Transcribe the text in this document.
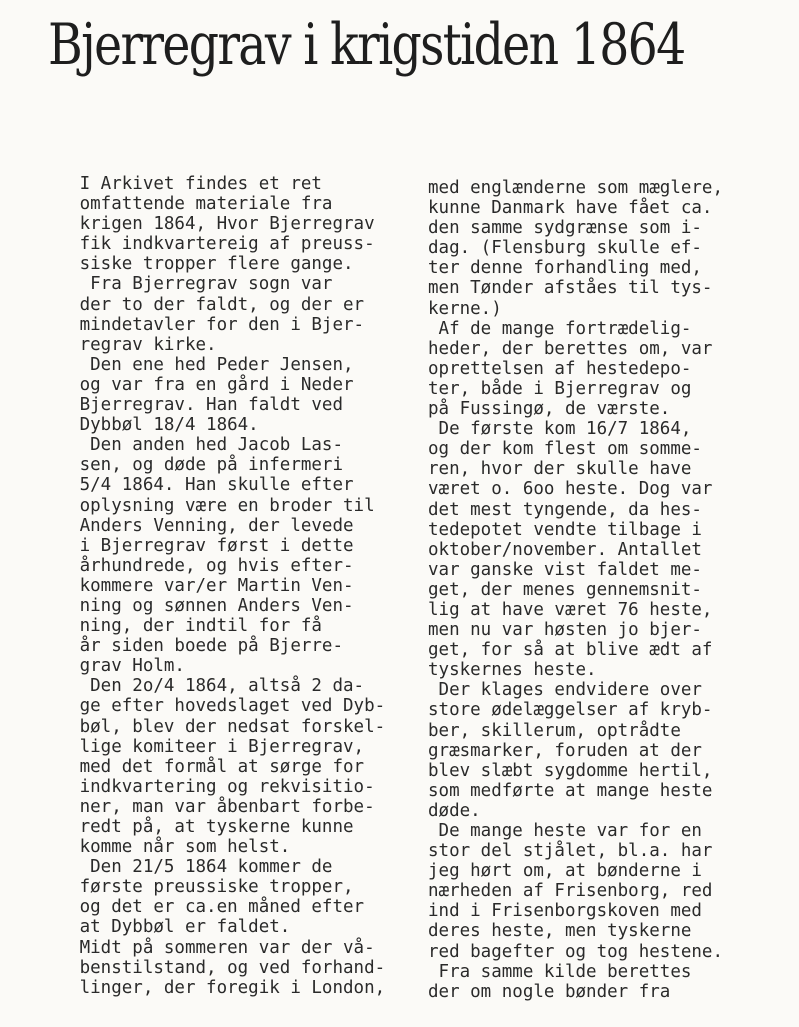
Bjerregrav i krigstiden 1864
I Arkivet findes et ret
omfattende materiale fra
krigen 1864, Hvor Bjerregrav
fik indkvartereig af preuss-
siske tropper flere gange.
Fra Bjerregrav sogn var
der to der faldt, og der er
mindetavler for den i Bjer-
regrav kirke.
Den ene hed Peder Jensen,
og var fra en gård i Neder
Bjerregrav. Han faldt ved
Dybbøl 18/4 1864.
Den anden hed Jacob Las-
sen, og døde på infermeri
5/4 1864. Han skulle efter
oplysning være en broder til
Anders Venning, der levede
i Bjerregrav først i dette
århundrede, og hvis efter-
kommere var/er Martin Ven-
ning og sønnen Anders Ven-
ning, der indtil for få
år siden boede på Bjerre-
grav Holm.
Den 2o/4 1864, altså 2 da-
ge efter hovedslaget ved Dyb-
bøl, blev der nedsat forskel-
lige komiteer i Bjerregrav,
med det formål at sørge for
indkvartering og rekvisitio-
ner, man var åbenbart forbe-
redt på, at tyskerne kunne
komme når som helst.
Den 21/5 1864 kommer de
første preussiske tropper,
og det er ca.en måned efter
at Dybbøl er faldet.
Midt på sommeren var der vå-
benstilstand, og ved forhand-
linger, der foregik i London,
med englænderne som mæglere,
kunne Danmark have fået ca.
den samme sydgrænse som i-
dag. (Flensburg skulle ef-
ter denne forhandling med,
men Tønder afståes til tys-
kerne.)
Af de mange fortrædelig-
heder, der berettes om, var
oprettelsen af hestedepo-
ter, både i Bjerregrav og
på Fussingø, de værste.
De første kom 16/7 1864,
og der kom flest om somme-
ren, hvor der skulle have
været o. 6oo heste. Dog var
det mest tyngende, da hes-
tedepotet vendte tilbage i
oktober/november. Antallet
var ganske vist faldet me-
get, der menes gennemsnit-
lig at have været 76 heste,
men nu var høsten jo bjer-
get, for så at blive ædt af
tyskernes heste.
Der klages endvidere over
store ødelæggelser af kryb-
ber, skillerum, optrådte
græsmarker, foruden at der
blev slæbt sygdomme hertil,
som medførte at mange heste
døde.
De mange heste var for en
stor del stjålet, bl.a. har
jeg hørt om, at bønderne i
nærheden af Frisenborg, red
ind i Frisenborgskoven med
deres heste, men tyskerne
red bagefter og tog hestene.
Fra samme kilde berettes
der om nogle bønder fra
